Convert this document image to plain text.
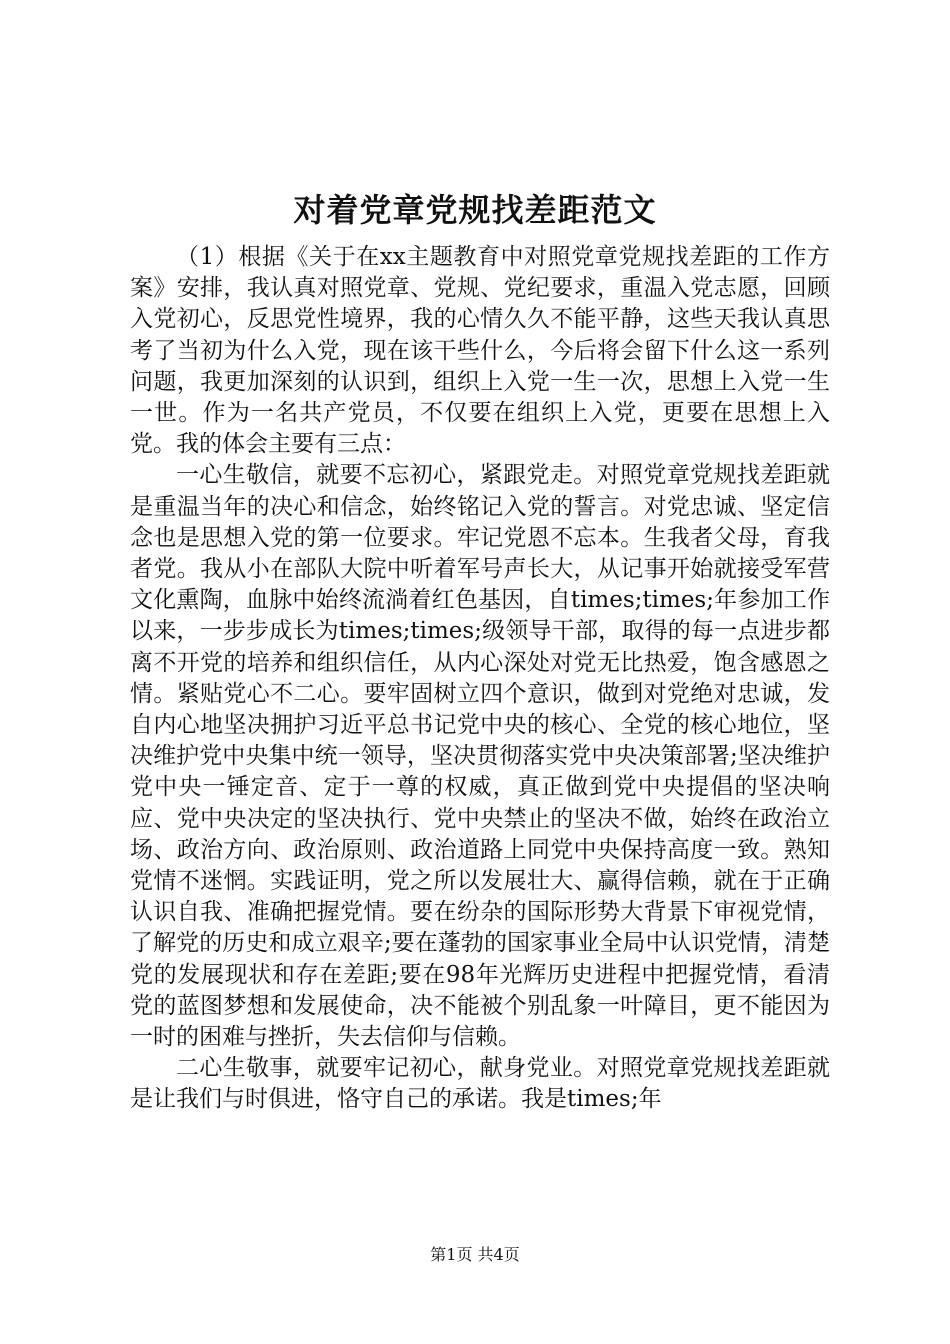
对着党章党规找差距范文

（1）根据《关于在xx主题教育中对照党章党规找差距的工作方案》安排，我认真对照党章、党规、党纪要求，重温入党志愿，回顾入党初心，反思党性境界，我的心情久久不能平静，这些天我认真思考了当初为什么入党，现在该干些什么，今后将会留下什么这一系列问题，我更加深刻的认识到，组织上入党一生一次，思想上入党一生一世。作为一名共产党员，不仅要在组织上入党，更要在思想上入党。我的体会主要有三点：

一心生敬信，就要不忘初心，紧跟党走。对照党章党规找差距就是重温当年的决心和信念，始终铭记入党的誓言。对党忠诚、坚定信念也是思想入党的第一位要求。牢记党恩不忘本。生我者父母，育我者党。我从小在部队大院中听着军号声长大，从记事开始就接受军营文化熏陶，血脉中始终流淌着红色基因，自times;times;年参加工作以来，一步步成长为times;times;级领导干部，取得的每一点进步都离不开党的培养和组织信任，从内心深处对党无比热爱，饱含感恩之情。紧贴党心不二心。要牢固树立四个意识，做到对党绝对忠诚，发自内心地坚决拥护习近平总书记党中央的核心、全党的核心地位，坚决维护党中央集中统一领导，坚决贯彻落实党中央决策部署;坚决维护党中央一锤定音、定于一尊的权威，真正做到党中央提倡的坚决响应、党中央决定的坚决执行、党中央禁止的坚决不做，始终在政治立场、政治方向、政治原则、政治道路上同党中央保持高度一致。熟知党情不迷惘。实践证明，党之所以发展壮大、赢得信赖，就在于正确认识自我、准确把握党情。要在纷杂的国际形势大背景下审视党情，了解党的历史和成立艰辛;要在蓬勃的国家事业全局中认识党情，清楚党的发展现状和存在差距;要在98年光辉历史进程中把握党情，看清党的蓝图梦想和发展使命，决不能被个别乱象一叶障目，更不能因为一时的困难与挫折，失去信仰与信赖。

二心生敬事，就要牢记初心，献身党业。对照党章党规找差距就是让我们与时俱进，恪守自己的承诺。我是times;年

第1页 共4页
